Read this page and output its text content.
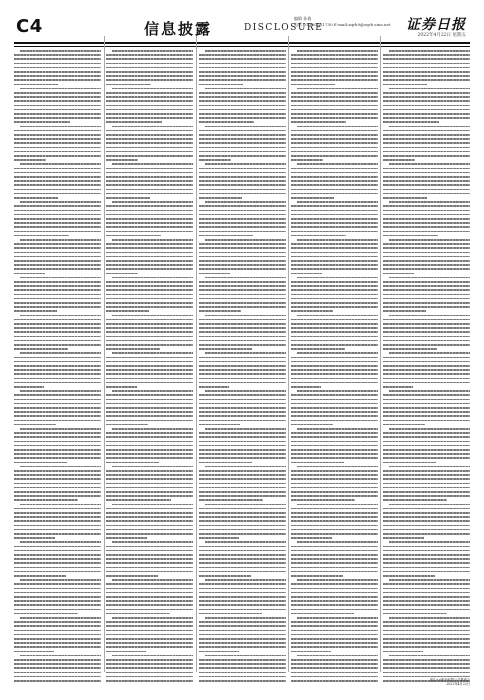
C4	信息披露	DISCLOSURE
编辑 孙倩
电话 010-83251730 E-mail:zqrb9@zqrb.sina.net 证券日报
2022年4月22日 星期五
浙江××股份有限公司董事会
2022年4月22日
